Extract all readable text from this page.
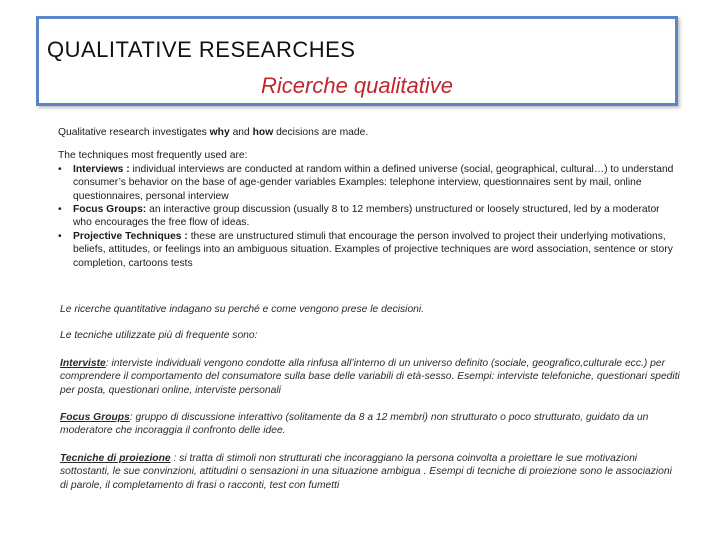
QUALITATIVE RESEARCHES
Ricerche qualitative

Qualitative research investigates why and how decisions are made.

The techniques most frequently used are:

• Interviews : individual interviews are conducted at random within a defined universe (social, geographical, cultural…) to understand consumer’s behavior on the base of age-gender variables Examples: telephone interview, questionnaires sent by mail, online questionnaires, personal interview
• Focus Groups: an interactive group discussion (usually 8 to 12 members) unstructured or loosely structured, led by a moderator who encourages the free flow of ideas.
• Projective Techniques : these are unstructured stimuli that encourage the person involved to project their underlying motivations, beliefs, attitudes, or feelings into an ambiguous situation. Examples of projective techniques are word association, sentence or story completion, cartoons tests

Le ricerche quantitative indagano su perché e come vengono prese le decisioni.

Le tecniche utilizzate più di frequente sono:

Interviste: interviste individuali vengono condotte alla rinfusa all’interno di un universo definito (sociale, geografico,culturale ecc.) per comprendere il comportamento del consumatore sulla base delle variabili di età-sesso. Esempi: interviste telefoniche, questionari spediti per posta, questionari online, interviste personali

Focus Groups: gruppo di discussione interattivo (solitamente da 8 a 12 membri) non strutturato o poco strutturato, guidato da un moderatore che incoraggia il confronto delle idee.

Tecniche di proiezione : si tratta di stimoli non strutturati che incoraggiano la persona coinvolta a proiettare le sue motivazioni sottostanti, le sue convinzioni, attitudini o sensazioni in una situazione ambigua . Esempi di tecniche di proiezione sono le associazioni di parole, il completamento di frasi o racconti, test con fumetti
